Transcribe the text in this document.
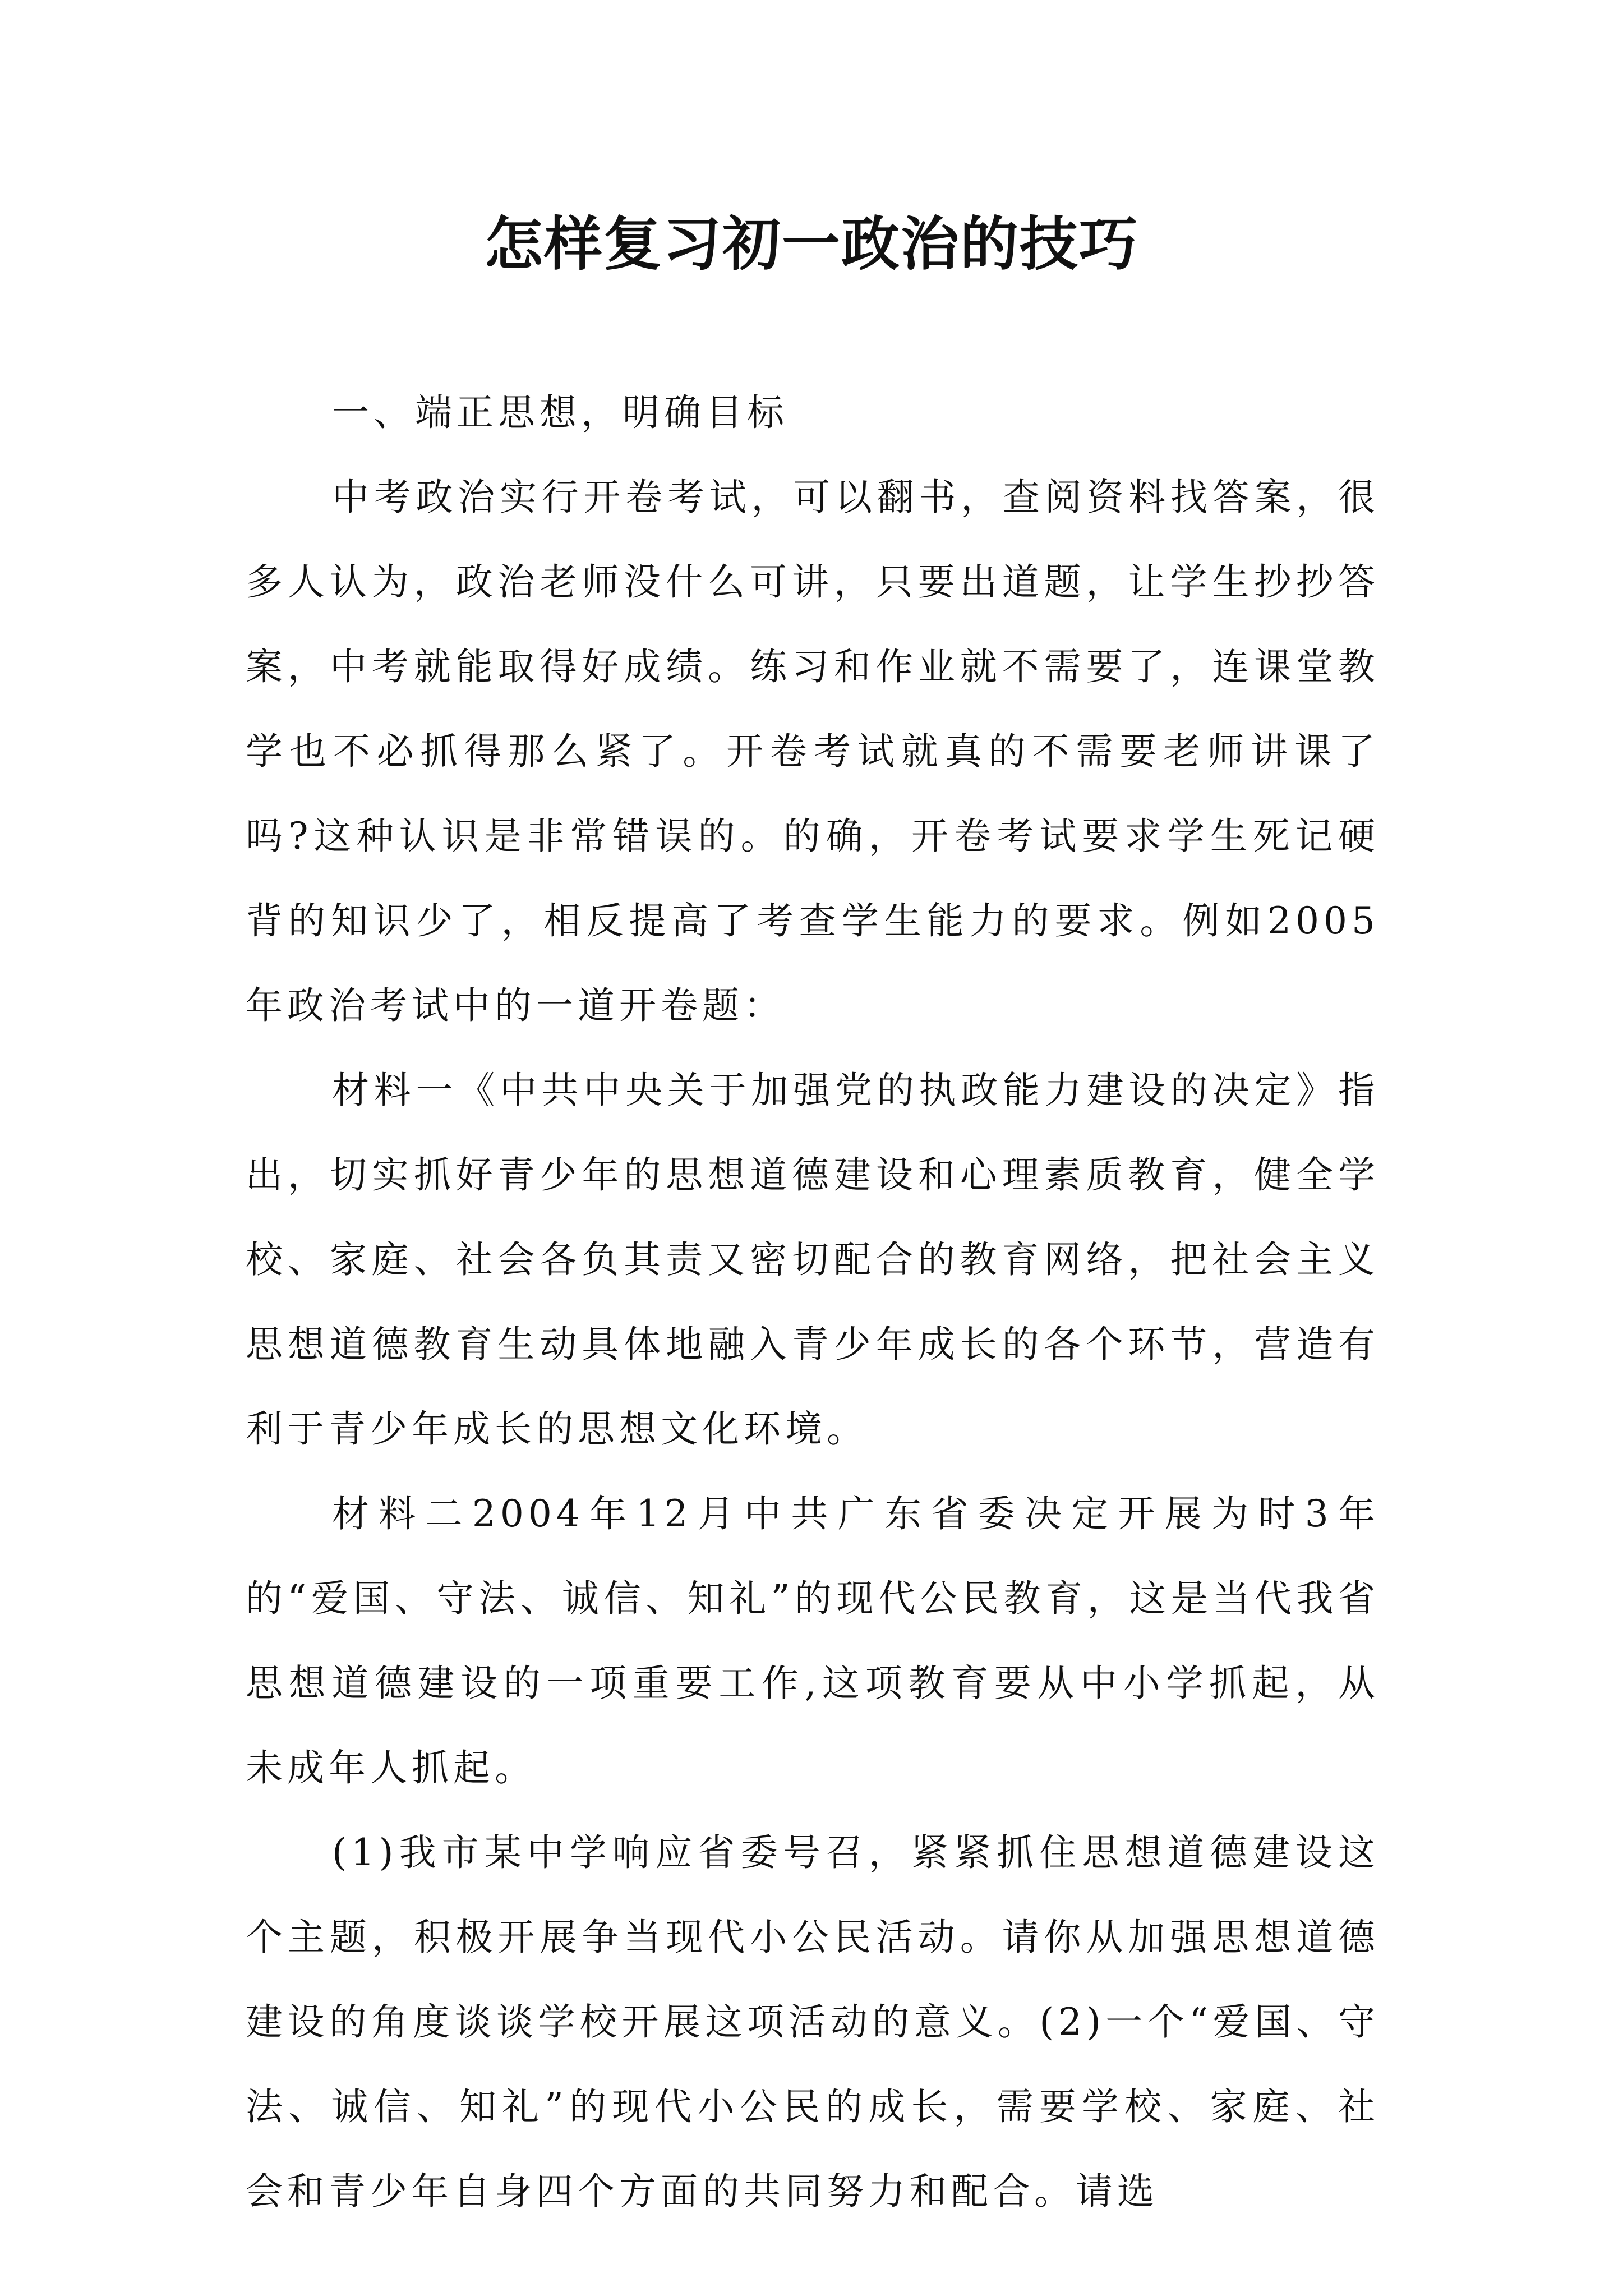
怎样复习初一政治的技巧

一、端正思想，明确目标

中考政治实行开卷考试，可以翻书，查阅资料找答案，很多人认为，政治老师没什么可讲，只要出道题，让学生抄抄答案，中考就能取得好成绩。练习和作业就不需要了，连课堂教学也不必抓得那么紧了。开卷考试就真的不需要老师讲课了吗?这种认识是非常错误的。的确，开卷考试要求学生死记硬背的知识少了，相反提高了考查学生能力的要求。例如2005年政治考试中的一道开卷题：

材料一《中共中央关于加强党的执政能力建设的决定》指出，切实抓好青少年的思想道德建设和心理素质教育，健全学校、家庭、社会各负其责又密切配合的教育网络，把社会主义思想道德教育生动具体地融入青少年成长的各个环节，营造有利于青少年成长的思想文化环境。

材料二2004年12月中共广东省委决定开展为时3年的“爱国、守法、诚信、知礼”的现代公民教育，这是当代我省思想道德建设的一项重要工作,这项教育要从中小学抓起，从未成年人抓起。

(1)我市某中学响应省委号召，紧紧抓住思想道德建设这个主题，积极开展争当现代小公民活动。请你从加强思想道德建设的角度谈谈学校开展这项活动的意义。(2)一个“爱国、守法、诚信、知礼”的现代小公民的成长，需要学校、家庭、社会和青少年自身四个方面的共同努力和配合。请选
